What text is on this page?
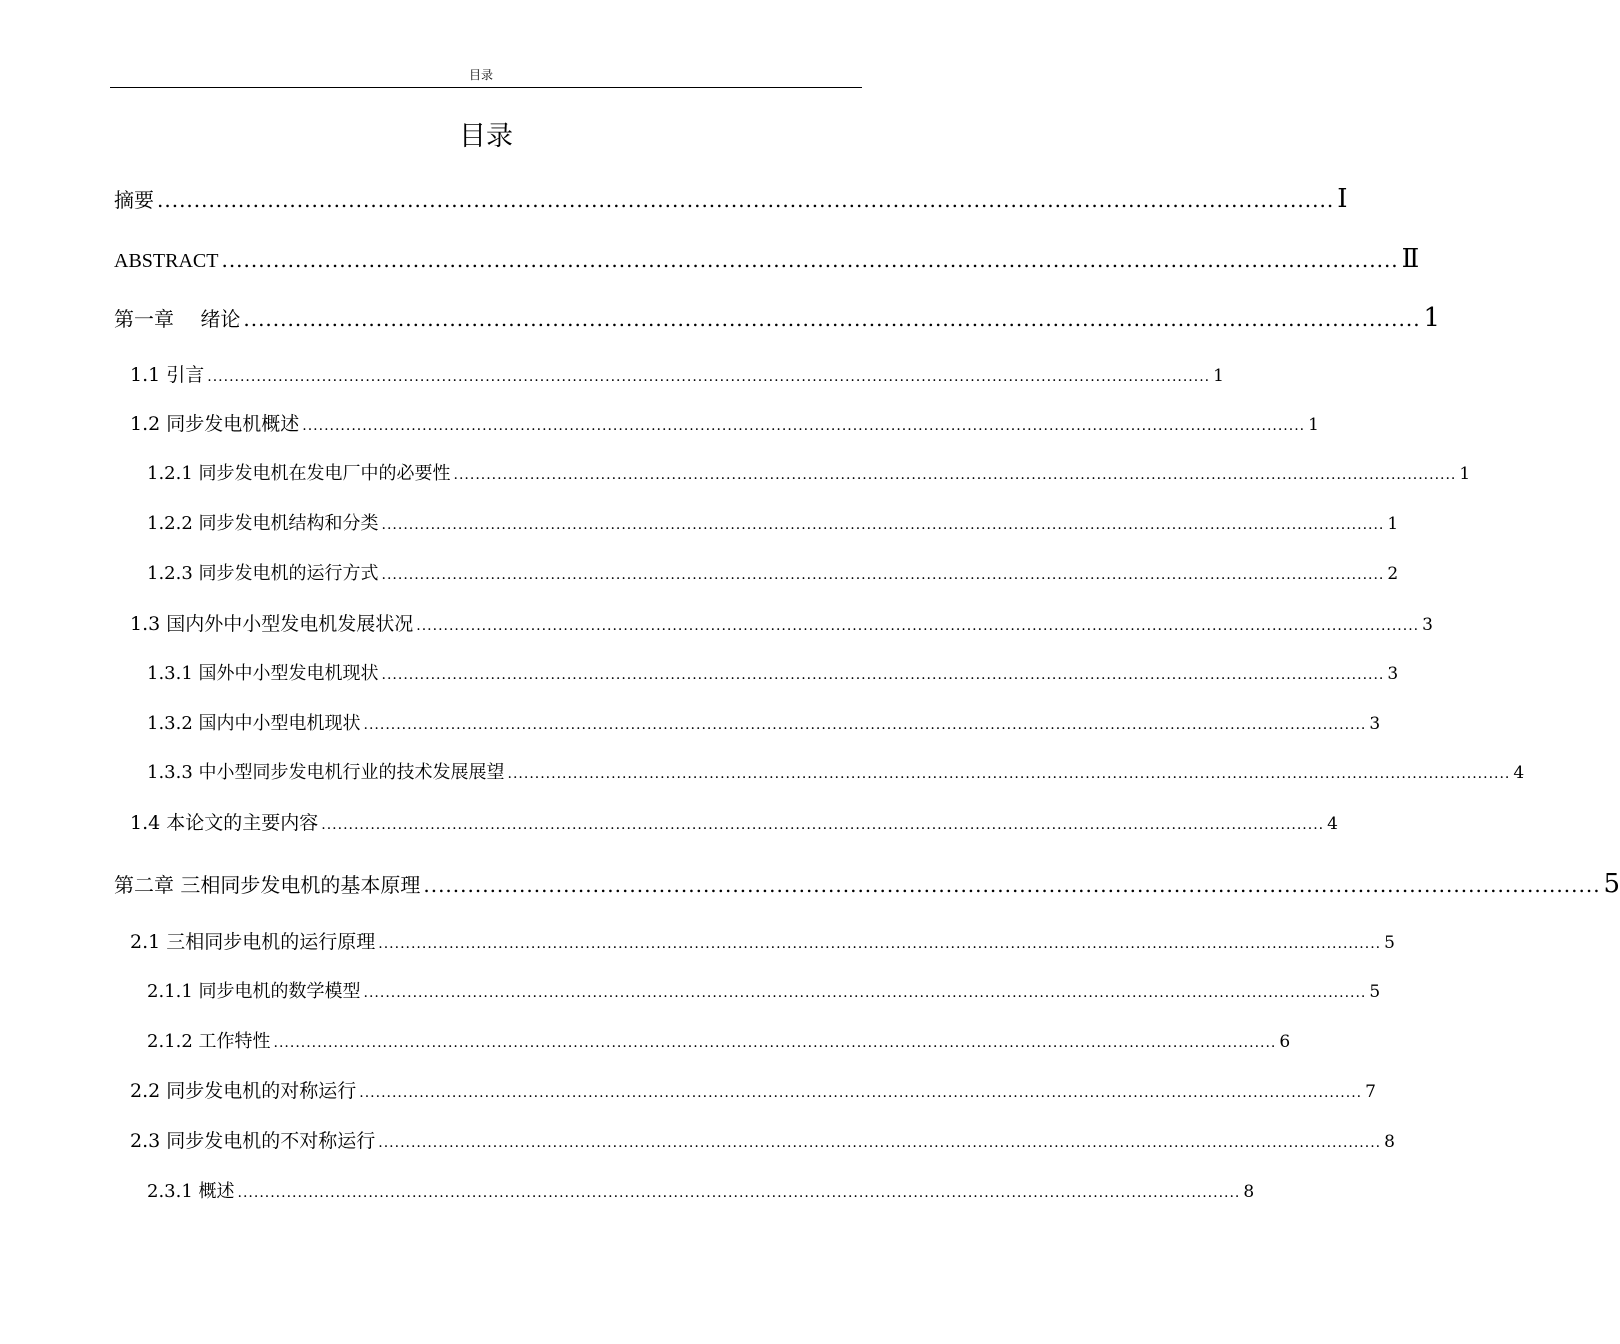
目录
目录
摘要 ................................................................................................................................................................ Ⅰ
ABSTRACT ................................................................................................................................................................ Ⅱ
第一章　 绪论 ................................................................................................................................................................ 1
1.1 引言 ........................................................................................................................................................................................ 1
1.2 同步发电机概述 ........................................................................................................................................................................................ 1
1.2.1 同步发电机在发电厂中的必要性 ........................................................................................................................................................................................ 1
1.2.2 同步发电机结构和分类 ........................................................................................................................................................................................ 1
1.2.3 同步发电机的运行方式 ........................................................................................................................................................................................ 2
1.3 国内外中小型发电机发展状况 ........................................................................................................................................................................................ 3
1.3.1 国外中小型发电机现状 ........................................................................................................................................................................................ 3
1.3.2 国内中小型电机现状 ........................................................................................................................................................................................ 3
1.3.3 中小型同步发电机行业的技术发展展望 ........................................................................................................................................................................................ 4
1.4 本论文的主要内容 ........................................................................................................................................................................................ 4
第二章 三相同步发电机的基本原理 ................................................................................................................................................................ 5
2.1 三相同步电机的运行原理 ........................................................................................................................................................................................ 5
2.1.1 同步电机的数学模型 ........................................................................................................................................................................................ 5
2.1.2 工作特性 ........................................................................................................................................................................................ 6
2.2 同步发电机的对称运行 ........................................................................................................................................................................................ 7
2.3 同步发电机的不对称运行 ........................................................................................................................................................................................ 8
2.3.1 概述 ........................................................................................................................................................................................ 8
